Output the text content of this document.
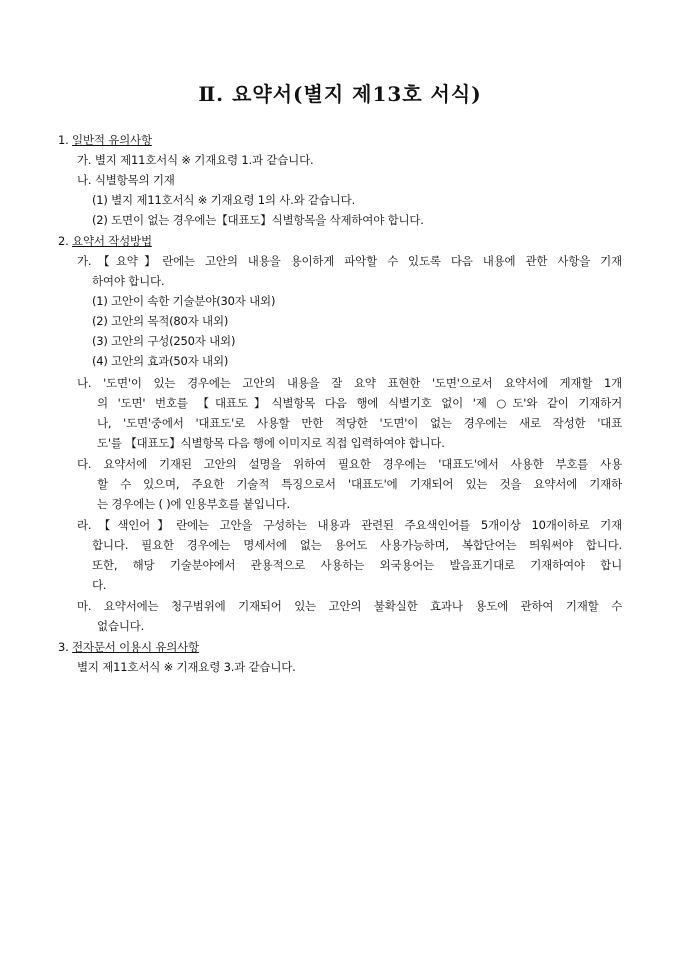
Ⅱ. 요약서(별지 제13호 서식)
1. 일반적 유의사항
가. 별지 제11호서식 ※ 기재요령 1.과 같습니다.
나. 식별항목의 기재
(1) 별지 제11호서식 ※ 기재요령 1의 사.와 같습니다.
(2) 도면이 없는 경우에는【대표도】식별항목을 삭제하여야 합니다.
2. 요약서 작성방법
가.【요약】란에는 고안의 내용을 용이하게 파악할 수 있도록 다음 내용에 관한 사항을 기재
하여야 합니다.
(1) 고안이 속한 기술분야(30자 내외)
(2) 고안의 목적(80자 내외)
(3) 고안의 구성(250자 내외)
(4) 고안의 효과(50자 내외)
나. '도면'이 있는 경우에는 고안의 내용을 잘 요약 표현한 '도면'으로서 요약서에 게재할 1개
의 '도면' 번호를 【대표도】식별항목 다음 행에 식별기호 없이 '제 ○도'와 같이 기재하거
나, '도면'중에서 '대표도'로 사용할 만한 적당한 '도면'이 없는 경우에는 새로 작성한 '대표
도'를 【대표도】식별항목 다음 행에 이미지로 직접 입력하여야 합니다.
다. 요약서에 기재된 고안의 설명을 위하여 필요한 경우에는 '대표도'에서 사용한 부호를 사용
할 수 있으며, 주요한 기술적 특징으로서 '대표도'에 기재되어 있는 것을 요약서에 기재하
는 경우에는 ( )에 인용부호를 붙입니다.
라.【색인어】란에는 고안을 구성하는 내용과 관련된 주요색인어를 5개이상 10개이하로 기재
합니다. 필요한 경우에는 명세서에 없는 용어도 사용가능하며, 복합단어는 띄워써야 합니다.
또한, 해당 기술분야에서 관용적으로 사용하는 외국용어는 발음표기대로 기재하여야 합니
다.
마. 요약서에는 청구범위에 기재되어 있는 고안의 불확실한 효과나 용도에 관하여 기재할 수
없습니다.
3. 전자문서 이용시 유의사항
별지 제11호서식 ※ 기재요령 3.과 같습니다.
